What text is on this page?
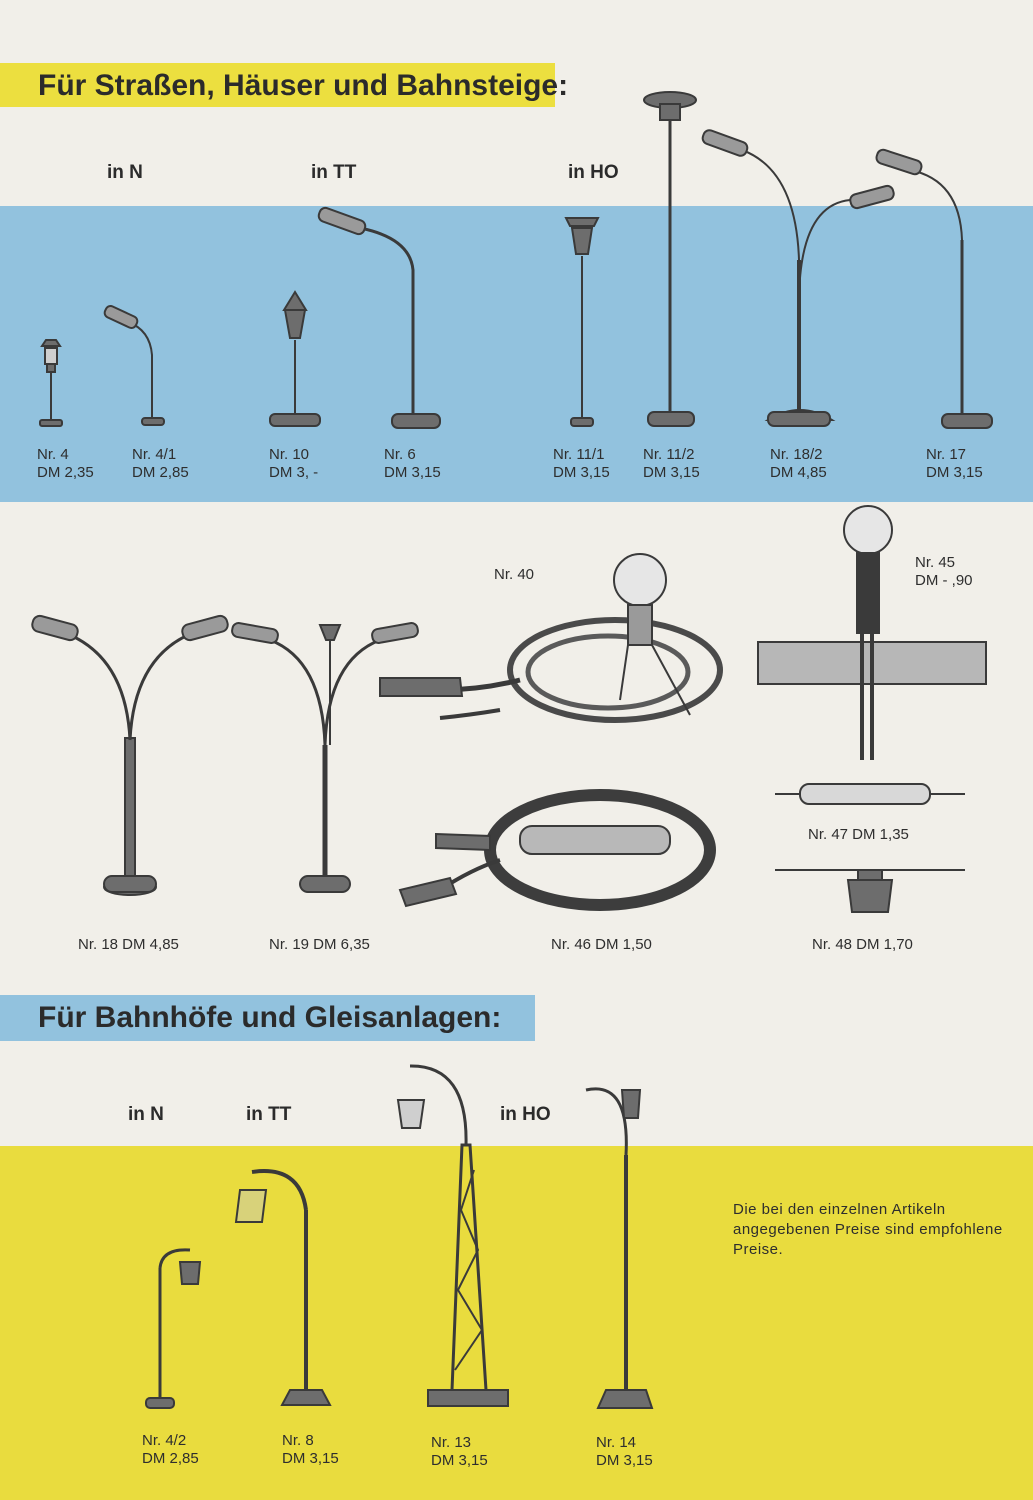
Für Straßen, Häuser und Bahnsteige:
Für Bahnhöfe und Gleisanlagen:
in N	in TT	in HO
in N	in TT	in HO
Nr. 4
DM 2,35
Nr. 4/1
DM 2,85
Nr. 10
DM 3, -
Nr. 6
DM 3,15
Nr. 11/1
DM 3,15
Nr. 11/2
DM 3,15
Nr. 18/2
DM 4,85
Nr. 17
DM 3,15
Nr. 40
Nr. 45
DM - ,90
Nr. 47 DM 1,35
Nr. 18 DM 4,85	Nr. 19 DM 6,35	Nr. 46 DM 1,50	Nr. 48 DM 1,70
Nr. 4/2
DM 2,85
Nr. 8
DM 3,15
Nr. 13
DM 3,15
Nr. 14
DM 3,15
Die bei den einzelnen Artikeln angegebenen Preise sind empfohlene Preise.
